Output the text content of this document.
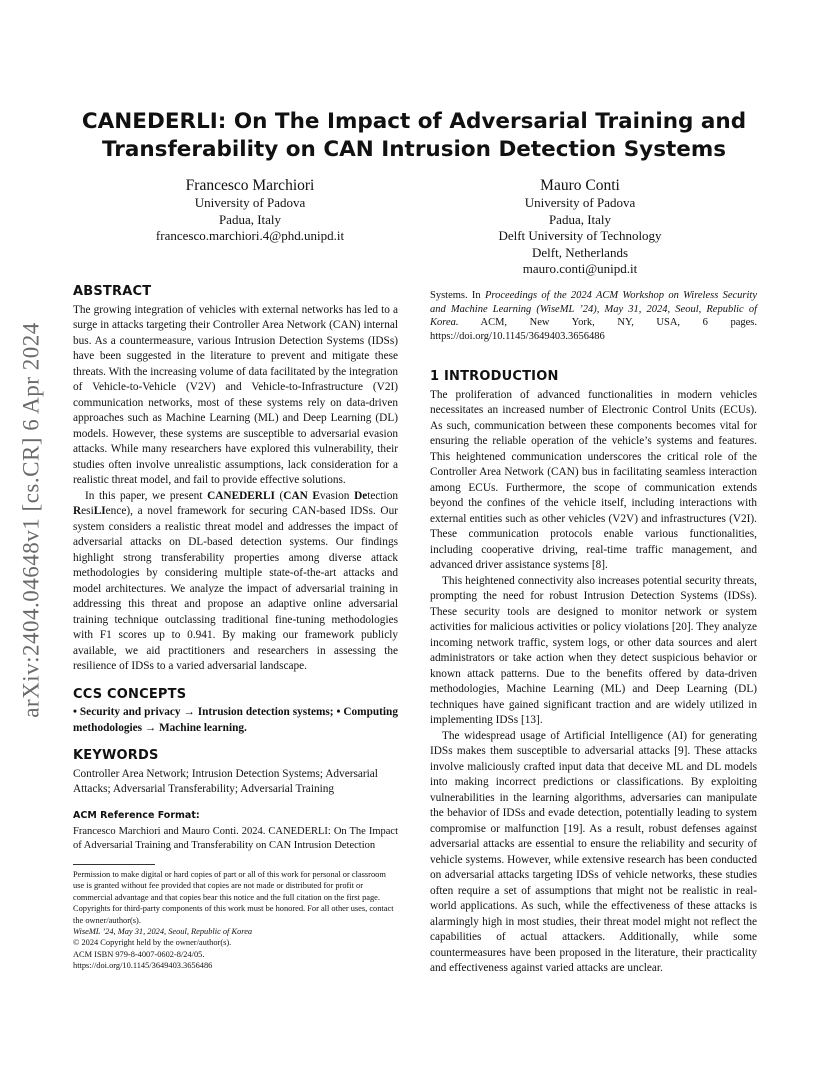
arXiv:2404.04648v1 [cs.CR] 6 Apr 2024
CANEDERLI: On The Impact of Adversarial Training and
Transferability on CAN Intrusion Detection Systems
Francesco Marchiori
University of Padova
Padua, Italy
francesco.marchiori.4@phd.unipd.it
Mauro Conti
University of Padova
Padua, Italy
Delft University of Technology
Delft, Netherlands
mauro.conti@unipd.it
ABSTRACT

The growing integration of vehicles with external networks has led to a surge in attacks targeting their Controller Area Network (CAN) internal bus. As a countermeasure, various Intrusion Detection Systems (IDSs) have been suggested in the literature to prevent and mitigate these threats. With the increasing volume of data facilitated by the integration of Vehicle-to-Vehicle (V2V) and Vehicle-to-Infrastructure (V2I) communication networks, most of these systems rely on data-driven approaches such as Machine Learning (ML) and Deep Learning (DL) models. However, these systems are susceptible to adversarial evasion attacks. While many researchers have explored this vulnerability, their studies often involve unrealistic assumptions, lack consideration for a realistic threat model, and fail to provide effective solutions.

In this paper, we present CANEDERLI (CAN Evasion Detection ResiLIence), a novel framework for securing CAN-based IDSs. Our system considers a realistic threat model and addresses the impact of adversarial attacks on DL-based detection systems. Our findings highlight strong transferability properties among diverse attack methodologies by considering multiple state-of-the-art attacks and model architectures. We analyze the impact of adversarial training in addressing this threat and propose an adaptive online adversarial training technique outclassing traditional fine-tuning methodologies with F1 scores up to 0.941. By making our framework publicly available, we aid practitioners and researchers in assessing the resilience of IDSs to a varied adversarial landscape.

CCS CONCEPTS

• Security and privacy → Intrusion detection systems; • Computing methodologies → Machine learning.

KEYWORDS

Controller Area Network; Intrusion Detection Systems; Adversarial Attacks; Adversarial Transferability; Adversarial Training

ACM Reference Format:

Francesco Marchiori and Mauro Conti. 2024. CANEDERLI: On The Impact of Adversarial Training and Transferability on CAN Intrusion Detection

Permission to make digital or hard copies of part or all of this work for personal or classroom use is granted without fee provided that copies are not made or distributed for profit or commercial advantage and that copies bear this notice and the full citation on the first page. Copyrights for third-party components of this work must be honored. For all other uses, contact the owner/author(s).

WiseML ’24, May 31, 2024, Seoul, Republic of Korea

© 2024 Copyright held by the owner/author(s).

ACM ISBN 979-8-4007-0602-8/24/05.

https://doi.org/10.1145/3649403.3656486

Systems. In Proceedings of the 2024 ACM Workshop on Wireless Security and Machine Learning (WiseML ’24), May 31, 2024, Seoul, Republic of Korea. ACM, New York, NY, USA, 6 pages. https://doi.org/10.1145/3649403.3656486

1 INTRODUCTION

The proliferation of advanced functionalities in modern vehicles necessitates an increased number of Electronic Control Units (ECUs). As such, communication between these components becomes vital for ensuring the reliable operation of the vehicle’s systems and features. This heightened communication underscores the critical role of the Controller Area Network (CAN) bus in facilitating seamless interaction among ECUs. Furthermore, the scope of communication extends beyond the confines of the vehicle itself, including interactions with external entities such as other vehicles (V2V) and infrastructures (V2I). These communication protocols enable various functionalities, including cooperative driving, real-time traffic management, and advanced driver assistance systems [8].

This heightened connectivity also increases potential security threats, prompting the need for robust Intrusion Detection Systems (IDSs). These security tools are designed to monitor network or system activities for malicious activities or policy violations [20]. They analyze incoming network traffic, system logs, or other data sources and alert administrators or take action when they detect suspicious behavior or known attack patterns. Due to the benefits offered by data-driven methodologies, Machine Learning (ML) and Deep Learning (DL) techniques have gained significant traction and are widely utilized in implementing IDSs [13].

The widespread usage of Artificial Intelligence (AI) for generating IDSs makes them susceptible to adversarial attacks [9]. These attacks involve maliciously crafted input data that deceive ML and DL models into making incorrect predictions or classifications. By exploiting vulnerabilities in the learning algorithms, adversaries can manipulate the behavior of IDSs and evade detection, potentially leading to system compromise or malfunction [19]. As a result, robust defenses against adversarial attacks are essential to ensure the reliability and security of vehicle systems. However, while extensive research has been conducted on adversarial attacks targeting IDSs of vehicle networks, these studies often require a set of assumptions that might not be realistic in real-world applications. As such, while the effectiveness of these attacks is alarmingly high in most studies, their threat model might not reflect the capabilities of actual attackers. Additionally, while some countermeasures have been proposed in the literature, their practicality and effectiveness against varied attacks are unclear.
